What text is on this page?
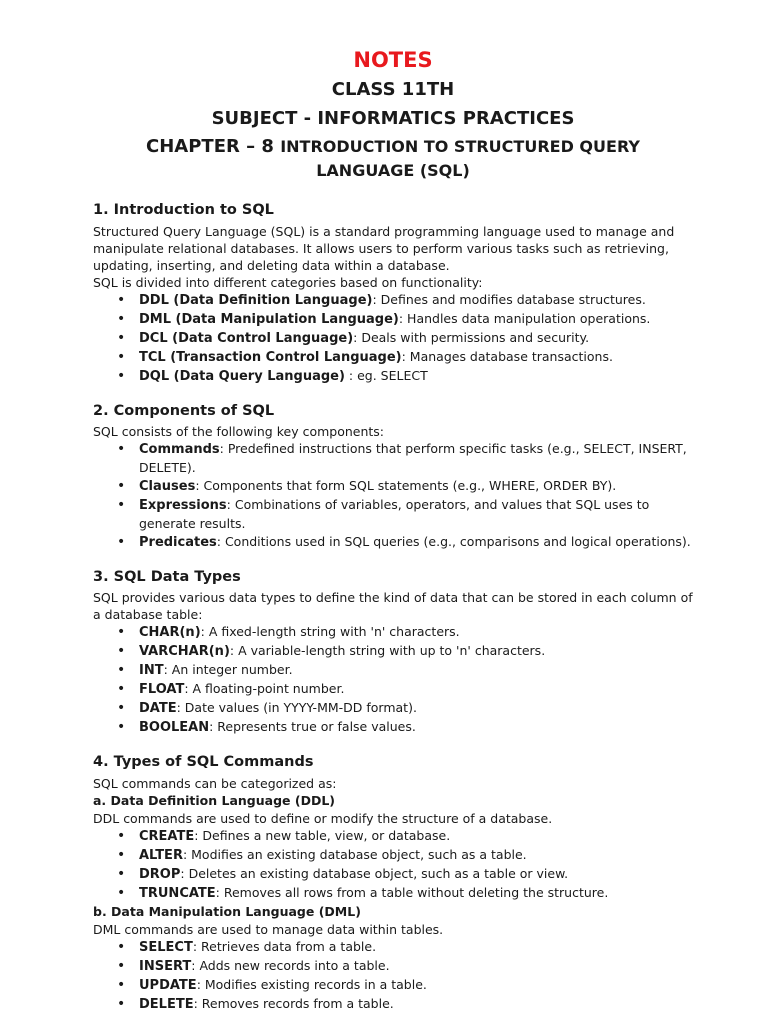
NOTES
CLASS 11TH
SUBJECT - INFORMATICS PRACTICES
CHAPTER – 8 INTRODUCTION TO STRUCTURED QUERY
LANGUAGE (SQL)
1. Introduction to SQL

Structured Query Language (SQL) is a standard programming language used to manage and manipulate relational databases. It allows users to perform various tasks such as retrieving, updating, inserting, and deleting data within a database.

SQL is divided into different categories based on functionality:

• DDL (Data Definition Language): Defines and modifies database structures.
• DML (Data Manipulation Language): Handles data manipulation operations.
• DCL (Data Control Language): Deals with permissions and security.
• TCL (Transaction Control Language): Manages database transactions.
• DQL (Data Query Language) : eg. SELECT
2. Components of SQL

SQL consists of the following key components:

• Commands: Predefined instructions that perform specific tasks (e.g., SELECT, INSERT, DELETE).
• Clauses: Components that form SQL statements (e.g., WHERE, ORDER BY).
• Expressions: Combinations of variables, operators, and values that SQL uses to generate results.
• Predicates: Conditions used in SQL queries (e.g., comparisons and logical operations).
3. SQL Data Types

SQL provides various data types to define the kind of data that can be stored in each column of a database table:

• CHAR(n): A fixed-length string with 'n' characters.
• VARCHAR(n): A variable-length string with up to 'n' characters.
• INT: An integer number.
• FLOAT: A floating-point number.
• DATE: Date values (in YYYY-MM-DD format).
• BOOLEAN: Represents true or false values.
4. Types of SQL Commands

SQL commands can be categorized as:

a. Data Definition Language (DDL)

DDL commands are used to define or modify the structure of a database.

• CREATE: Defines a new table, view, or database.
• ALTER: Modifies an existing database object, such as a table.
• DROP: Deletes an existing database object, such as a table or view.
• TRUNCATE: Removes all rows from a table without deleting the structure.
b. Data Manipulation Language (DML)

DML commands are used to manage data within tables.

• SELECT: Retrieves data from a table.
• INSERT: Adds new records into a table.
• UPDATE: Modifies existing records in a table.
• DELETE: Removes records from a table.
